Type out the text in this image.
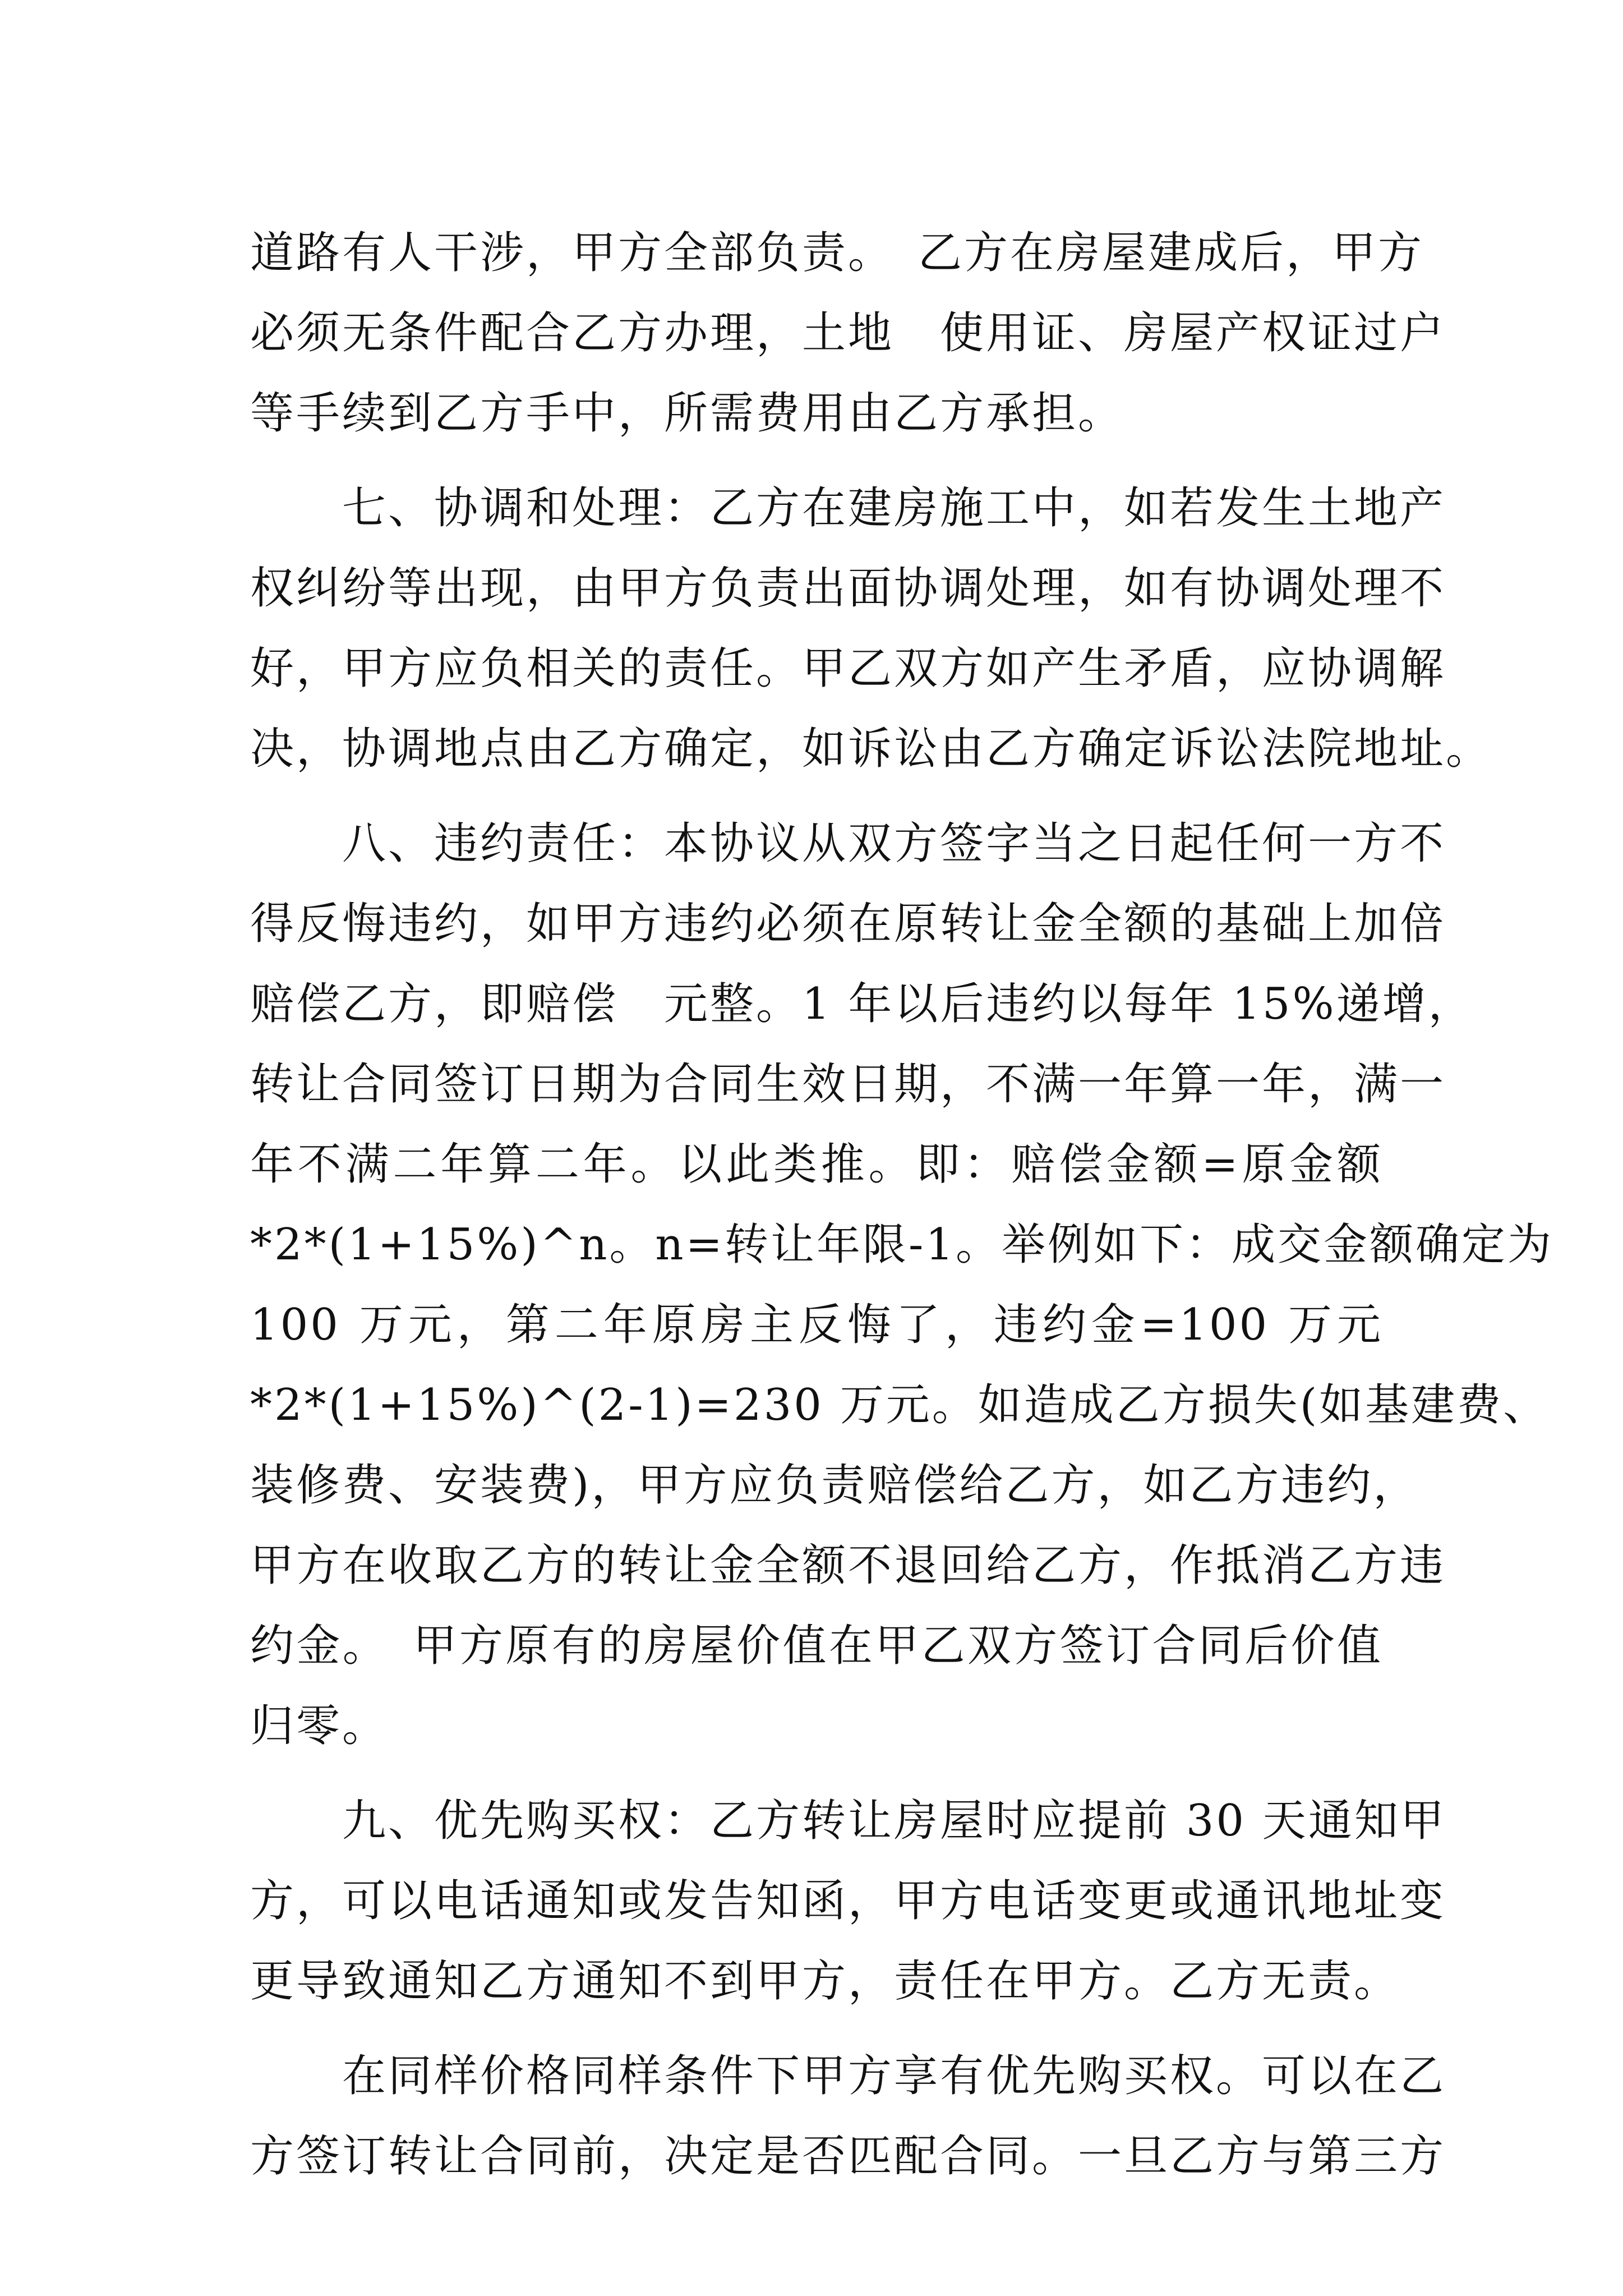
道路有人干涉，甲方全部负责。　乙方在房屋建成后，甲方
必须无条件配合乙方办理，土地　使用证、房屋产权证过户
等手续到乙方手中，所需费用由乙方承担。
　　七、协调和处理：乙方在建房施工中，如若发生土地产
权纠纷等出现，由甲方负责出面协调处理，如有协调处理不
好，甲方应负相关的责任。甲乙双方如产生矛盾，应协调解
决，协调地点由乙方确定，如诉讼由乙方确定诉讼法院地址。
　　八、违约责任：本协议从双方签字当之日起任何一方不
得反悔违约，如甲方违约必须在原转让金全额的基础上加倍
赔偿乙方，即赔偿　元整。1 年以后违约以每年 15%递增，
转让合同签订日期为合同生效日期，不满一年算一年，满一
年不满二年算二年。以此类推。即：赔偿金额=原金额
*2*(1+15%)^n。n=转让年限-1。举例如下：成交金额确定为
100 万元，第二年原房主反悔了，违约金=100 万元
*2*(1+15%)^(2-1)=230 万元。如造成乙方损失(如基建费、
装修费、安装费)，甲方应负责赔偿给乙方，如乙方违约，
甲方在收取乙方的转让金全额不退回给乙方，作抵消乙方违
约金。　甲方原有的房屋价值在甲乙双方签订合同后价值
归零。
　　九、优先购买权：乙方转让房屋时应提前 30 天通知甲
方，可以电话通知或发告知函，甲方电话变更或通讯地址变
更导致通知乙方通知不到甲方，责任在甲方。乙方无责。
　　在同样价格同样条件下甲方享有优先购买权。可以在乙
方签订转让合同前，决定是否匹配合同。一旦乙方与第三方
